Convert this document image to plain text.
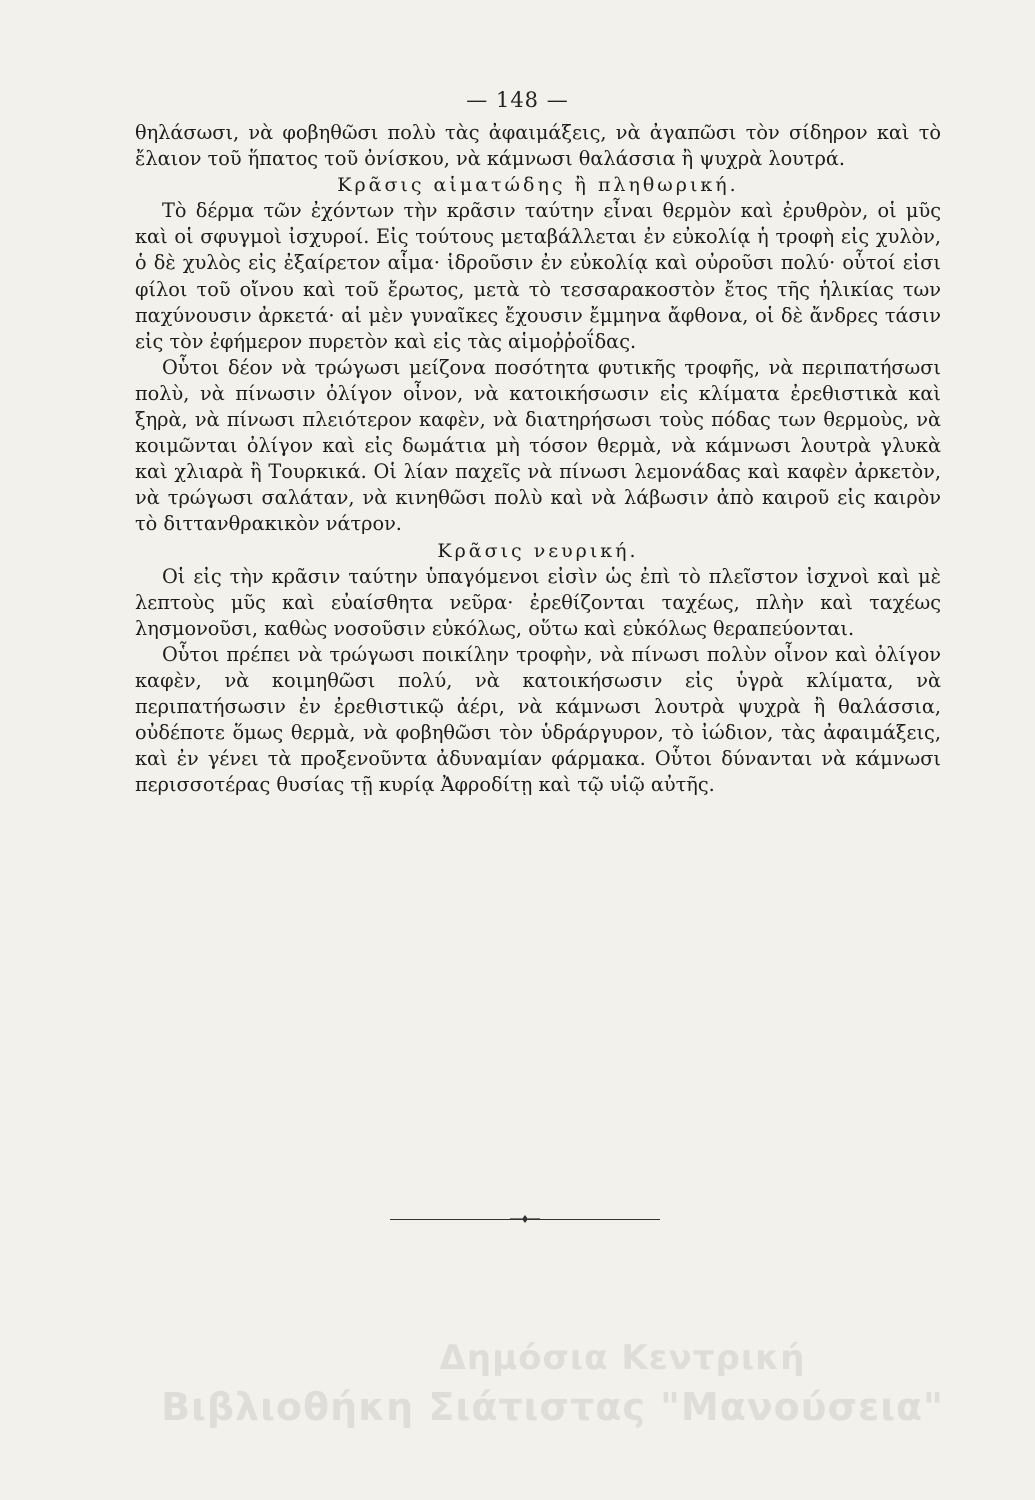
— 148 —

θηλάσωσι, νὰ φοβηθῶσι πολὺ τὰς ἀφαιμάξεις, νὰ ἀγαπῶσι τὸν σίδηρον καὶ τὸ ἔλαιον τοῦ ἥπατος τοῦ ὀνίσκου, νὰ κάμνωσι θαλάσσια ἢ ψυχρὰ λουτρά.

Κρᾶσις αἱματώδης ἢ πληθωρική.

Τὸ δέρμα τῶν ἐχόντων τὴν κρᾶσιν ταύτην εἶναι θερμὸν καὶ ἐρυθρὸν, οἱ μῦς καὶ οἱ σφυγμοὶ ἰσχυροί. Εἰς τούτους μεταβάλλεται ἐν εὐκολίᾳ ἡ τροφὴ εἰς χυλὸν, ὁ δὲ χυλὸς εἰς ἐξαίρετον αἷμα· ἱδροῦσιν ἐν εὐκολίᾳ καὶ οὐροῦσι πολύ· οὗτοί εἰσι φίλοι τοῦ οἴνου καὶ τοῦ ἔρωτος, μετὰ τὸ τεσσαρακοστὸν ἔτος τῆς ἡλικίας των παχύνουσιν ἀρκετά· αἱ μὲν γυναῖκες ἔχουσιν ἔμμηνα ἄφθονα, οἱ δὲ ἄνδρες τάσιν εἰς τὸν ἐφήμερον πυρετὸν καὶ εἰς τὰς αἱμοῤῥοΐδας.

Οὗτοι δέον νὰ τρώγωσι μείζονα ποσότητα φυτικῆς τροφῆς, νὰ περιπατήσωσι πολὺ, νὰ πίνωσιν ὀλίγον οἶνον, νὰ κατοικήσωσιν εἰς κλίματα ἐρεθιστικὰ καὶ ξηρὰ, νὰ πίνωσι πλειότερον καφὲν, νὰ διατηρήσωσι τοὺς πόδας των θερμοὺς, νὰ κοιμῶνται ὀλίγον καὶ εἰς δωμάτια μὴ τόσον θερμὰ, νὰ κάμνωσι λουτρὰ γλυκὰ καὶ χλιαρὰ ἢ Τουρκικά. Οἱ λίαν παχεῖς νὰ πίνωσι λεμονάδας καὶ καφὲν ἀρκετὸν, νὰ τρώγωσι σαλάταν, νὰ κινηθῶσι πολὺ καὶ νὰ λάβωσιν ἀπὸ καιροῦ εἰς καιρὸν τὸ διττανθρακικὸν νάτρον.

Κρᾶσις νευρική.

Οἱ εἰς τὴν κρᾶσιν ταύτην ὑπαγόμενοι εἰσὶν ὡς ἐπὶ τὸ πλεῖστον ἰσχνοὶ καὶ μὲ λεπτοὺς μῦς καὶ εὐαίσθητα νεῦρα· ἐρεθίζονται ταχέως, πλὴν καὶ ταχέως λησμονοῦσι, καθὼς νοσοῦσιν εὐκόλως, οὕτω καὶ εὐκόλως θεραπεύονται.

Οὗτοι πρέπει νὰ τρώγωσι ποικίλην τροφὴν, νὰ πίνωσι πολὺν οἶνον καὶ ὀλίγον καφὲν, νὰ κοιμηθῶσι πολύ, νὰ κατοικήσωσιν εἰς ὑγρὰ κλίματα, νὰ περιπατήσωσιν ἐν ἐρεθιστικῷ ἀέρι, νὰ κάμνωσι λουτρὰ ψυχρὰ ἢ θαλάσσια, οὐδέποτε ὅμως θερμὰ, νὰ φοβηθῶσι τὸν ὑδράργυρον, τὸ ἰώδιον, τὰς ἀφαιμάξεις, καὶ ἐν γένει τὰ προξενοῦντα ἀδυναμίαν φάρμακα. Οὗτοι δύνανται νὰ κάμνωσι περισσοτέρας θυσίας τῇ κυρίᾳ Ἀφροδίτῃ καὶ τῷ υἱῷ αὐτῆς.

Δημόσια Κεντρική
Βιβλιοθήκη Σιάτιστας "Μανούσεια"
